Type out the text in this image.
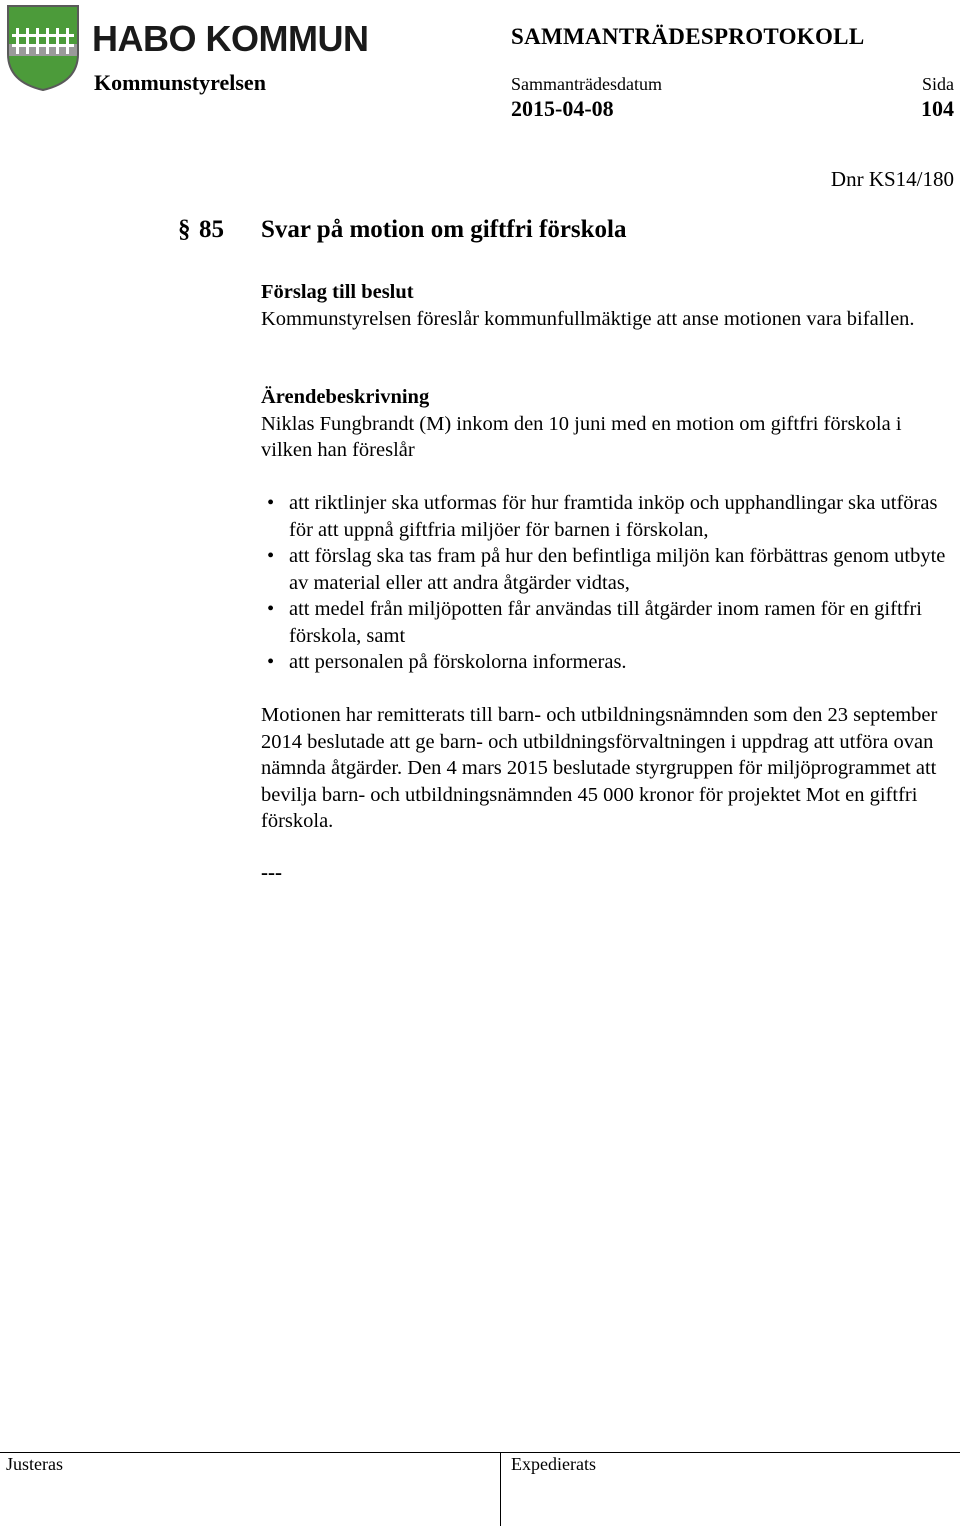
HABO KOMMUN
Kommunstyrelsen
SAMMANTRÄDESPROTOKOLL
Sammanträdesdatum
2015-04-08
Sida
104
Dnr KS14/180
§ 85 Svar på motion om giftfri förskola
Förslag till beslut
Kommunstyrelsen föreslår kommunfullmäktige att anse motionen vara bifallen.
Ärendebeskrivning
Niklas Fungbrandt (M) inkom den 10 juni med en motion om giftfri förskola i vilken han föreslår
• att riktlinjer ska utformas för hur framtida inköp och upphandlingar ska utföras för att uppnå giftfria miljöer för barnen i förskolan,
• att förslag ska tas fram på hur den befintliga miljön kan förbättras genom utbyte av material eller att andra åtgärder vidtas,
• att medel från miljöpotten får användas till åtgärder inom ramen för en giftfri förskola, samt
• att personalen på förskolorna informeras.
Motionen har remitterats till barn- och utbildningsnämnden som den 23 september 2014 beslutade att ge barn- och utbildningsförvaltningen i uppdrag att utföra ovan nämnda åtgärder. Den 4 mars 2015 beslutade styrgruppen för miljöprogrammet att bevilja barn- och utbildningsnämnden 45 000 kronor för projektet Mot en giftfri förskola.
---
Justeras	Expedierats
